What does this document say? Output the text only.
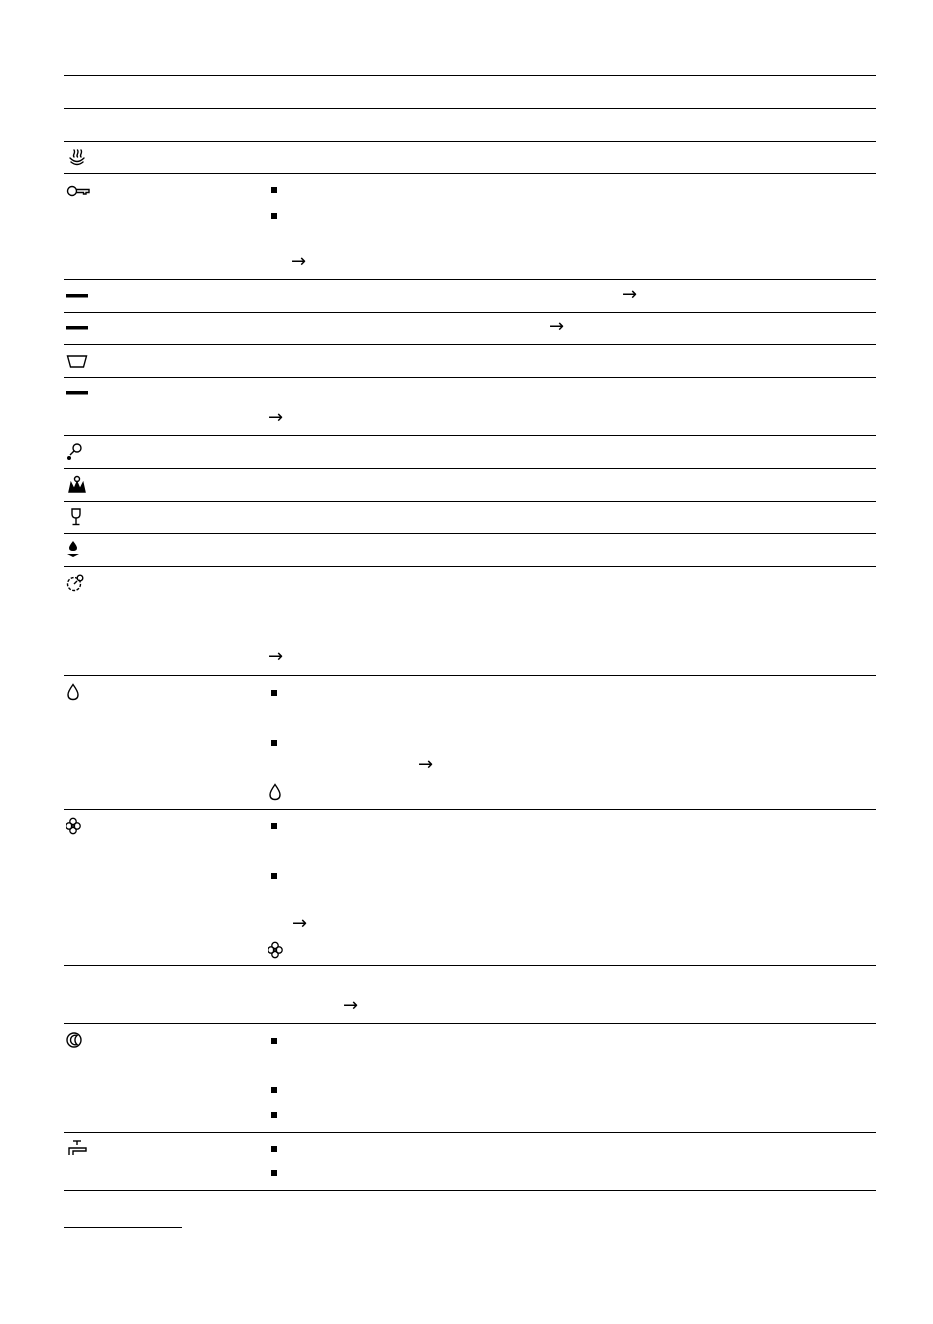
→
→
→
→
→
→
→
→
